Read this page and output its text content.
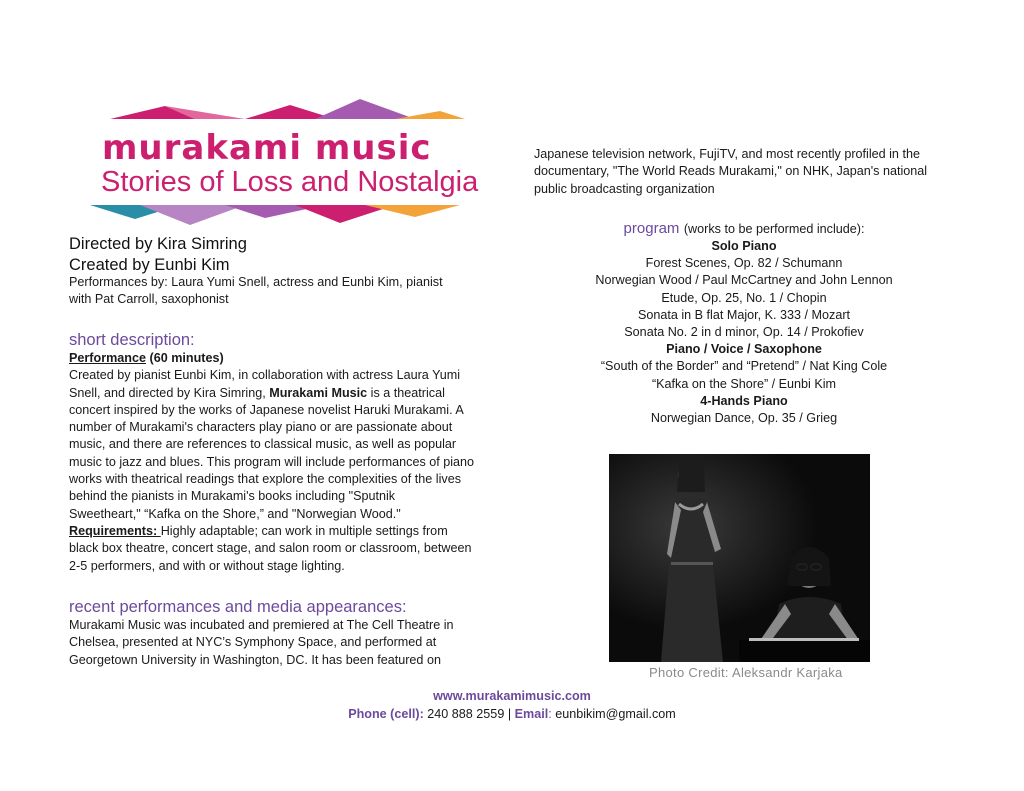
murakami music
Stories of Loss and Nostalgia
Directed by Kira Simring
Created by Eunbi Kim
Performances by: Laura Yumi Snell, actress and Eunbi Kim, pianist
with Pat Carroll, saxophonist
short description:
Performance (60 minutes)
Created by pianist Eunbi Kim, in collaboration with actress Laura Yumi
Snell, and directed by Kira Simring, Murakami Music is a theatrical
concert inspired by the works of Japanese novelist Haruki Murakami. A
number of Murakami's characters play piano or are passionate about
music, and there are references to classical music, as well as popular
music to jazz and blues. This program will include performances of piano
works with theatrical readings that explore the complexities of the lives
behind the pianists in Murakami's books including "Sputnik
Sweetheart," “Kafka on the Shore,” and "Norwegian Wood."
Requirements: Highly adaptable; can work in multiple settings from
black box theatre, concert stage, and salon room or classroom, between
2-5 performers, and with or without stage lighting.
recent performances and media appearances:
Murakami Music was incubated and premiered at The Cell Theatre in
Chelsea, presented at NYC’s Symphony Space, and performed at
Georgetown University in Washington, DC. It has been featured on
Japanese television network, FujiTV, and most recently profiled in the
documentary, "The World Reads Murakami," on NHK, Japan's national
public broadcasting organization
program (works to be performed include):
Solo Piano
Forest Scenes, Op. 82 / Schumann
Norwegian Wood / Paul McCartney and John Lennon
Etude, Op. 25, No. 1 / Chopin
Sonata in B flat Major, K. 333 / Mozart
Sonata No. 2 in d minor, Op. 14 / Prokofiev
Piano / Voice / Saxophone
“South of the Border” and “Pretend” / Nat King Cole
“Kafka on the Shore” / Eunbi Kim
4-Hands Piano
Norwegian Dance, Op. 35 / Grieg
Photo Credit: Aleksandr Karjaka
www.murakamimusic.com
Phone (cell): 240 888 2559 | Email: eunbikim@gmail.com
